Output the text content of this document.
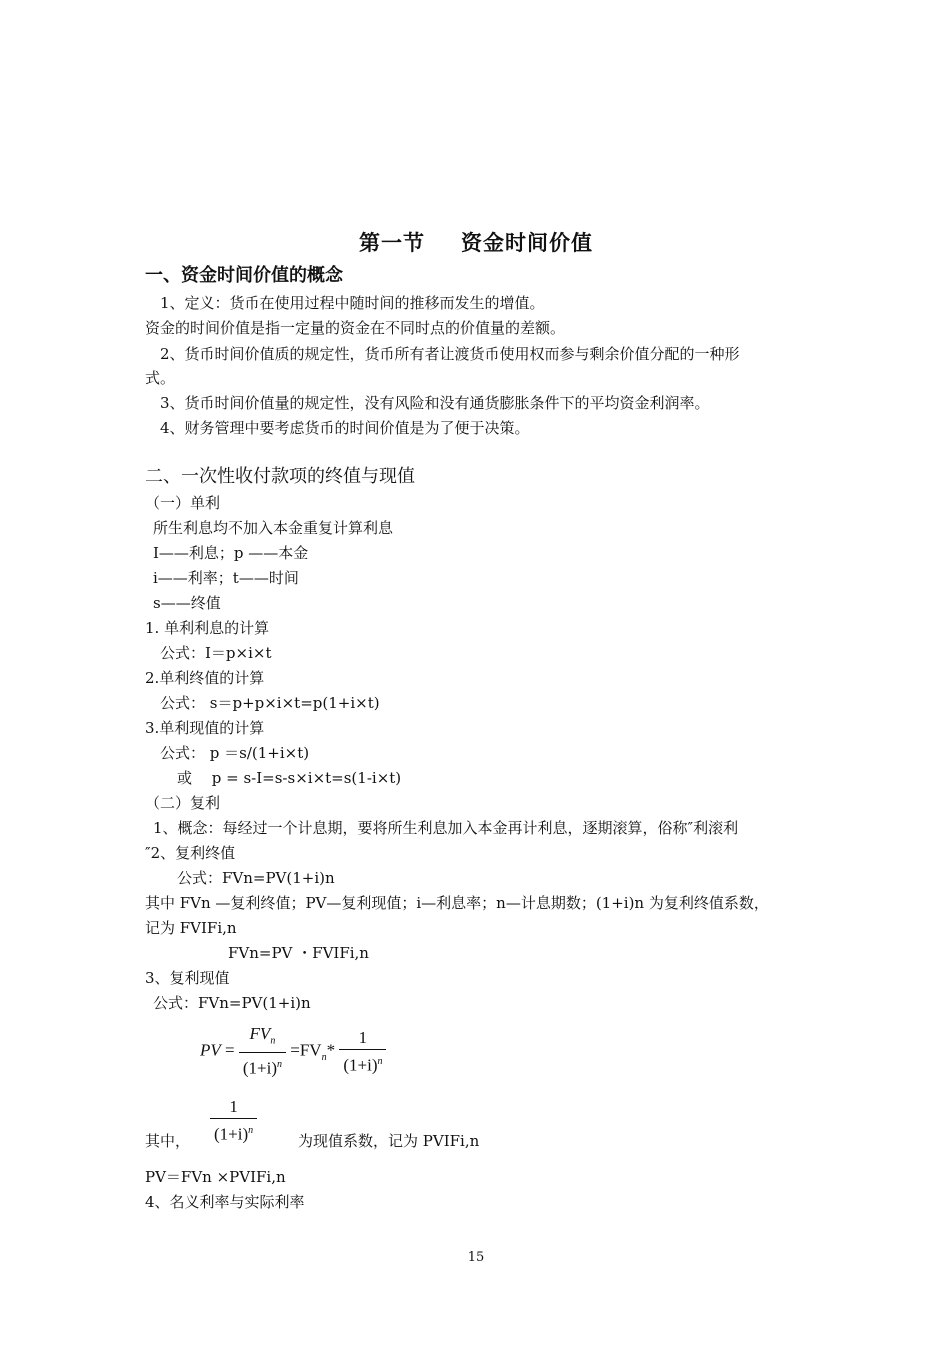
第一节 资金时间价值
一、资金时间价值的概念
1、定义：货币在使用过程中随时间的推移而发生的增值。
资金的时间价值是指一定量的资金在不同时点的价值量的差额。
2、货币时间价值质的规定性，货币所有者让渡货币使用权而参与剩余价值分配的一种形
式。
3、货币时间价值量的规定性，没有风险和没有通货膨胀条件下的平均资金利润率。
4、财务管理中要考虑货币的时间价值是为了便于决策。
二、一次性收付款项的终值与现值
（一）单利
所生利息均不加入本金重复计算利息
I——利息；p ——本金
i——利率；t——时间
s——终值
1. 单利利息的计算
公式：I＝p×i×t
2.单利终值的计算
公式： s＝p+p×i×t=p(1+i×t)
3.单利现值的计算
公式： p ＝s/(1+i×t)
或　 p = s-I=s-s×i×t=s(1-i×t)
（二）复利
1、概念：每经过一个计息期，要将所生利息加入本金再计利息，逐期滚算，俗称″利滚利
″2、复利终值
公式：FVn=PV(1+i)n
其中 FVn —复利终值；PV—复利现值；i—利息率；n—计息期数；(1+i)n 为复利终值系数，
记为 FVIFi,n
FVn=PV ・FVIFi,n
3、复利现值
公式：FVn=PV(1+i)n
PV = $\frac{FV_n}{(1+i)^n} =FV_n* \frac{1}{(1+i)^n}$
其中， $\frac{1}{(1+i)^n}$	为现值系数，记为 PVIFi,n
PV＝FVn ×PVIFi,n
4、名义利率与实际利率
15
